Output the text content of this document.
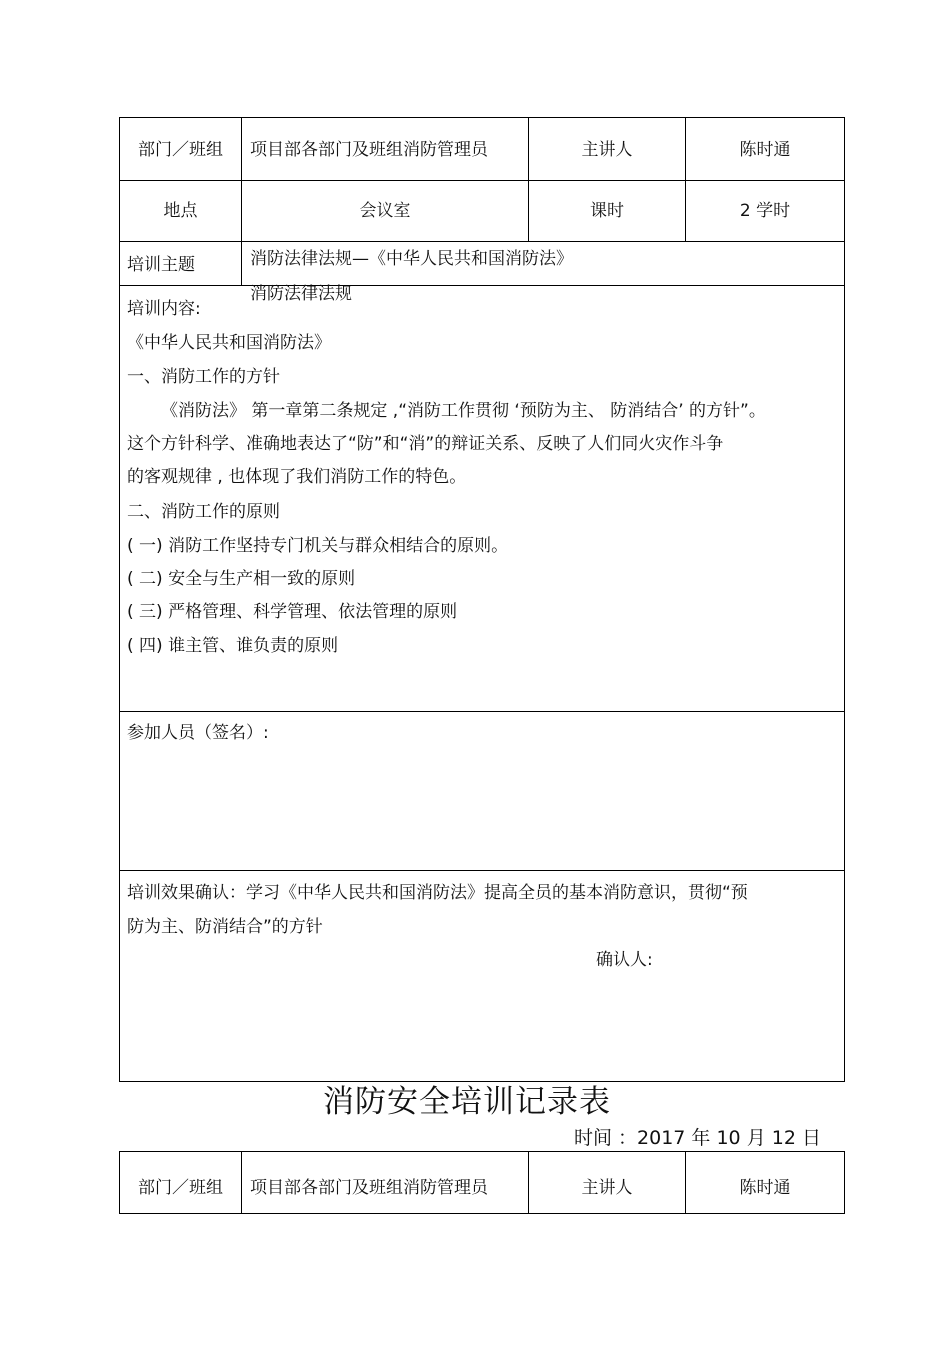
部门／班组	项目部各部门及班组消防管理员	主讲人	陈时通
地点	会议室	课时	2 学时
培训主题	消防法律法规—《中华人民共和国消防法》
消防法律法规
培训内容:
《中华人民共和国消防法》
一、消防工作的方针
《消防法》 第一章第二条规定 ,“消防工作贯彻 ‘预防为主、 防消结合’ 的方针”。
这个方针科学、准确地表达了“防”和“消”的辩证关系、反映了人们同火灾作斗争
的客观规律 , 也体现了我们消防工作的特色。
二、消防工作的原则
( 一) 消防工作坚持专门机关与群众相结合的原则。
( 二) 安全与生产相一致的原则
( 三) 严格管理、科学管理、依法管理的原则
( 四) 谁主管、谁负责的原则
参加人员（签名）:
培训效果确认：学习《中华人民共和国消防法》提高全员的基本消防意识，贯彻“预
防为主、防消结合”的方针
确认人:
消防安全培训记录表
时间 ：2017 年 10 月 12 日
部门／班组	项目部各部门及班组消防管理员	主讲人	陈时通
